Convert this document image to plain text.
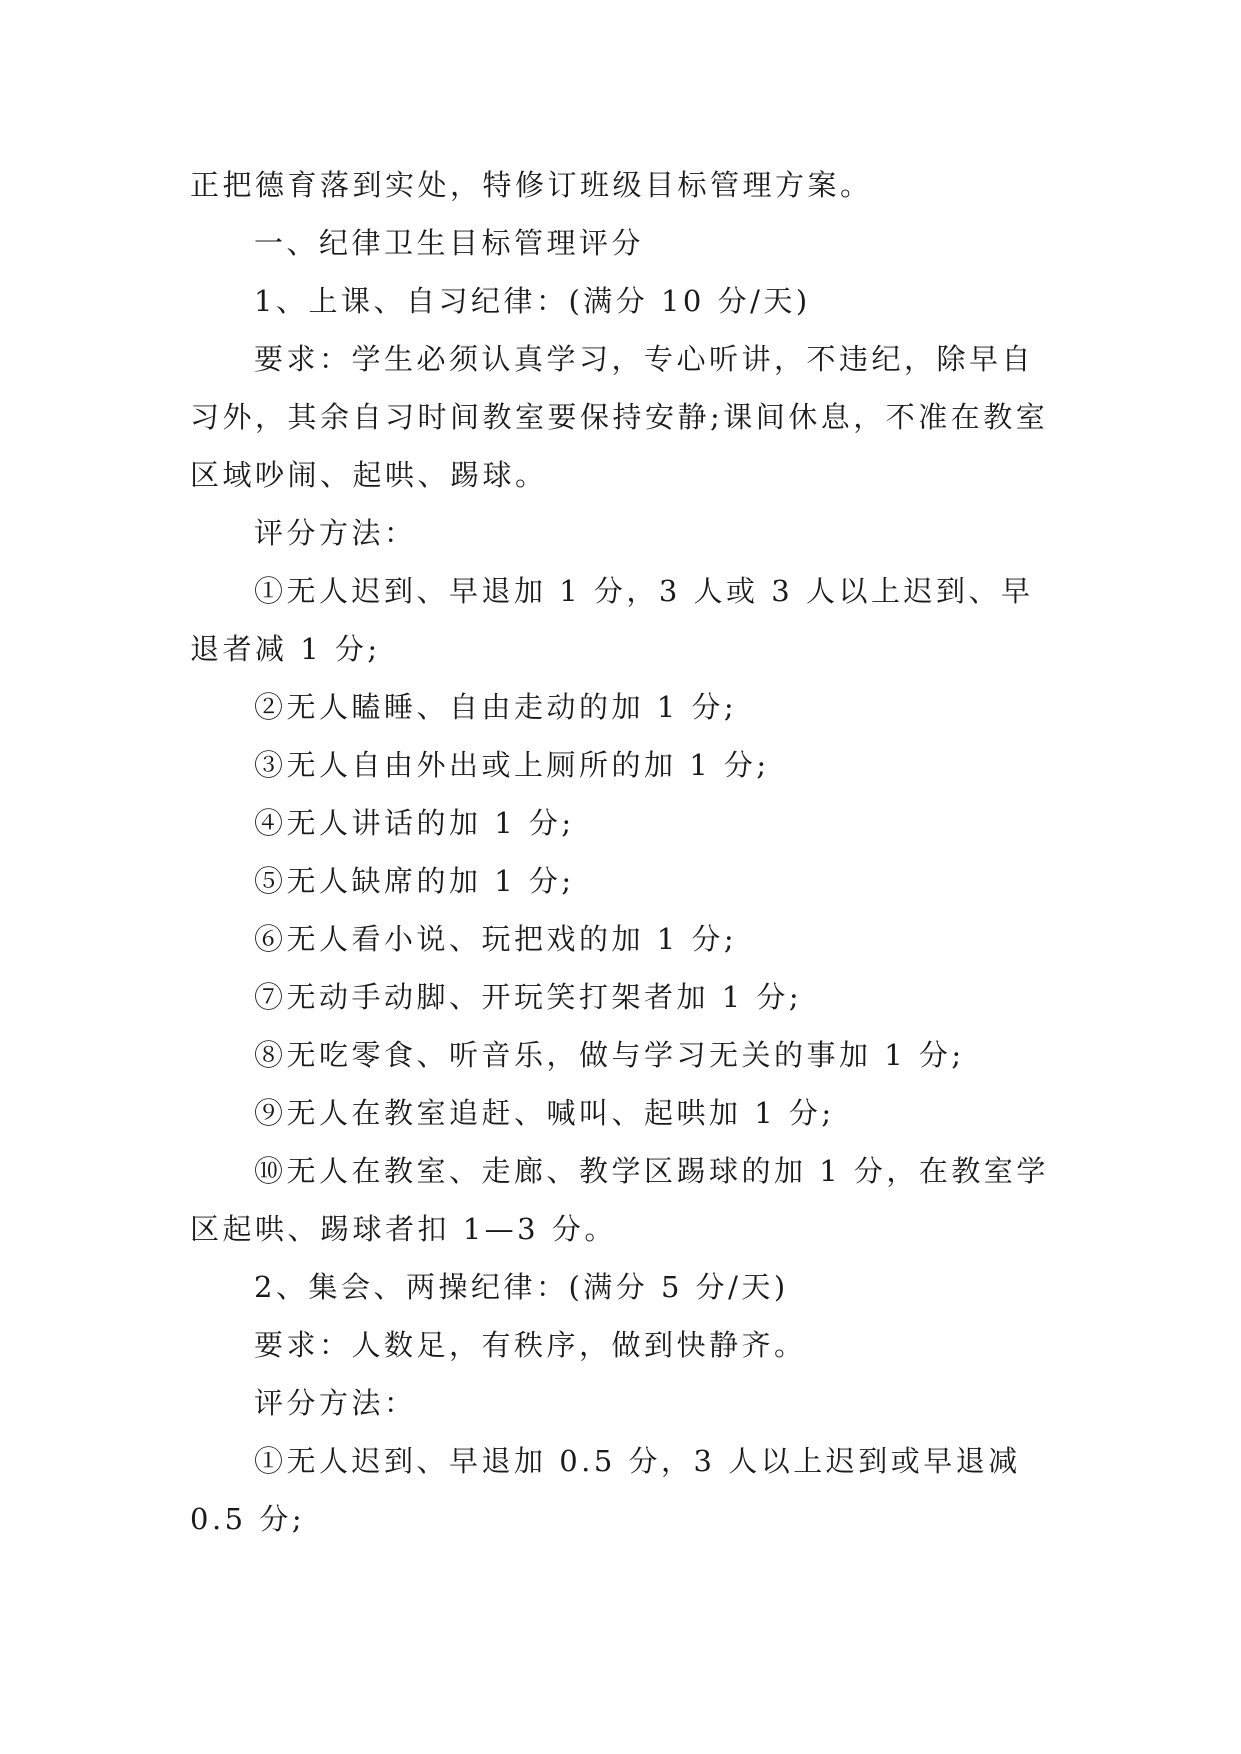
正把德育落到实处，特修订班级目标管理方案。

一、纪律卫生目标管理评分

1、上课、自习纪律：(满分 10 分/天)

要求：学生必须认真学习，专心听讲，不违纪，除早自习外，其余自习时间教室要保持安静;课间休息，不准在教室区域吵闹、起哄、踢球。

评分方法：

①无人迟到、早退加 1 分，3 人或 3 人以上迟到、早退者减 1 分;

②无人瞌睡、自由走动的加 1 分;

③无人自由外出或上厕所的加 1 分;

④无人讲话的加 1 分;

⑤无人缺席的加 1 分;

⑥无人看小说、玩把戏的加 1 分;

⑦无动手动脚、开玩笑打架者加 1 分;

⑧无吃零食、听音乐，做与学习无关的事加 1 分;

⑨无人在教室追赶、喊叫、起哄加 1 分;

⑩无人在教室、走廊、教学区踢球的加 1 分，在教室学区起哄、踢球者扣 1—3 分。

2、集会、两操纪律：(满分 5 分/天)

要求：人数足，有秩序，做到快静齐。

评分方法：

①无人迟到、早退加 0.5 分，3 人以上迟到或早退减 0.5 分;
